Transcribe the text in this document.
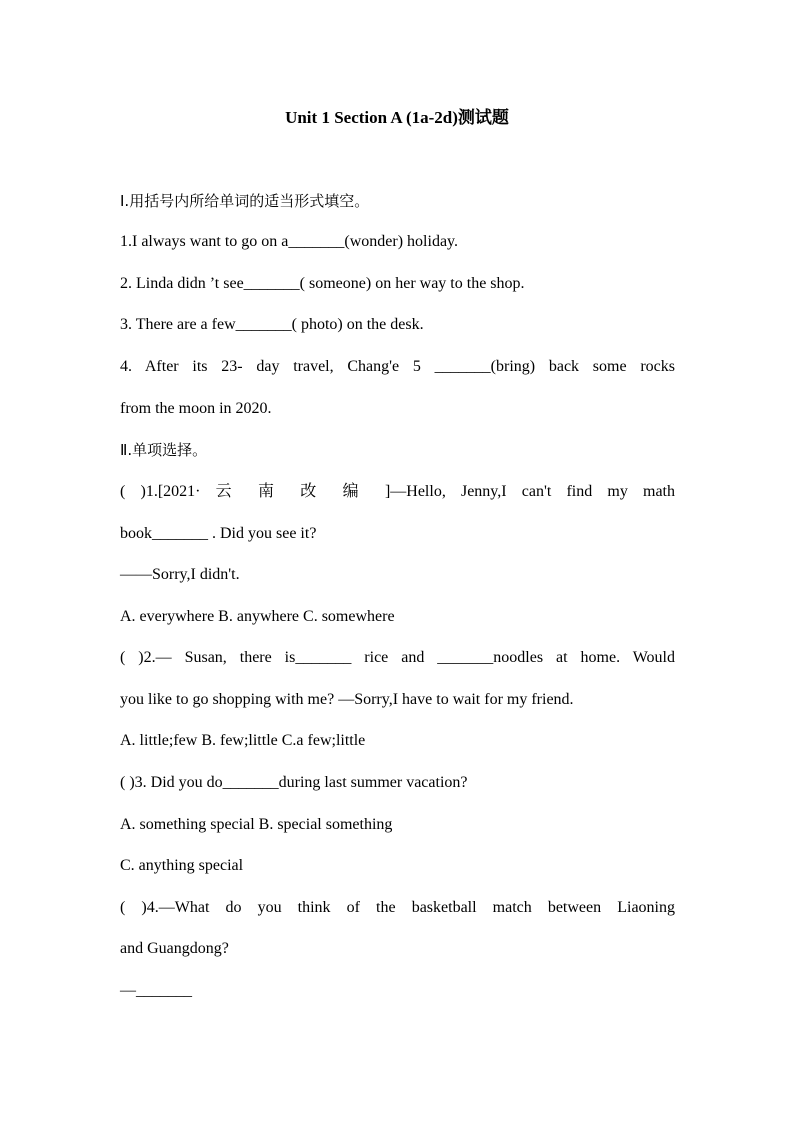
Unit 1 Section A (1a-2d)测试题
Ⅰ.用括号内所给单词的适当形式填空。
1.I always want to go on a_______(wonder) holiday.
2. Linda didn ’t see_______( someone) on her way to the shop.
3. There are a few_______( photo) on the desk.
4. After its 23- day travel, Chang'e 5 _______(bring) back some rocks
from the moon in 2020.
Ⅱ.单项选择。
( )1.[2021· 云 南 改 编 ]—Hello, Jenny,I can't find my math
book_______ . Did you see it?
——Sorry,I didn't.
A. everywhere B. anywhere C. somewhere
( )2.— Susan, there is_______ rice and _______noodles at home. Would
you like to go shopping with me? —Sorry,I have to wait for my friend.
A. little;few B. few;little C.a few;little
( )3. Did you do_______during last summer vacation?
A. something special B. special something
C. anything special
( )4.—What do you think of the basketball match between Liaoning
and Guangdong?
—_______
